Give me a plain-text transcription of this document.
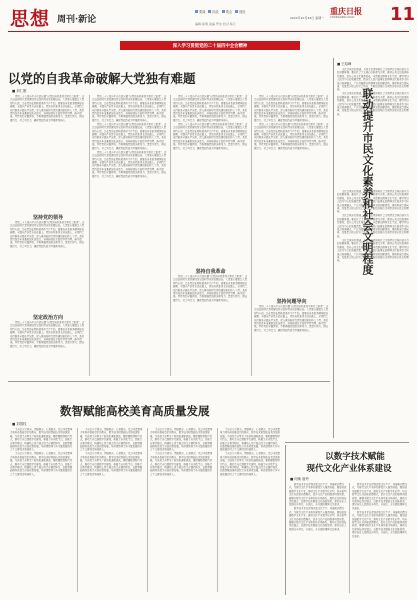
思想 周刊·新论
要闻 时政 观点 财经
2022年10月24日 星期一
编辑 崔明 美编 罗洁 校对 杨元
重庆日报
CHONGQING DAILY 11
深入学习贯彻党的二十届四中全会精神
以党的自我革命破解大党独有难题
■ 刘仁刚

党的二十大报告中首次提出要“以党的自我革命引领社会革命”，这是总结新时代党的建设历史经验得出的重要结论。大党独有难题是大党所特有的，是在党的长期执政条件下产生的，需要以自我革命精神加以破解。全面从严治党永远在路上，党的自我革命永远在路上，必须持之以恒推进全面从严治党，深入推进新时代党的建设新的伟大工程。我们党历经百年沧桑更加充满活力，其奥秘就在于始终坚持真理、修正错误。坚持党的全面领导，不断增强党的政治领导力、思想引领力、群众组织力、社会号召力，确保党始终成为坚强领导核心。

坚持党的领导

党的二十大报告中首次提出要“以党的自我革命引领社会革命”，这是总结新时代党的建设历史经验得出的重要结论。大党独有难题是大党所特有的，是在党的长期执政条件下产生的，需要以自我革命精神加以破解。全面从严治党永远在路上，党的自我革命永远在路上，必须持之以恒推进全面从严治党，深入推进新时代党的建设新的伟大工程。我们党历经百年沧桑更加充满活力，其奥秘就在于始终坚持真理、修正错误。坚持党的全面领导，不断增强党的政治领导力、思想引领力、群众组织力、社会号召力，确保党始终成为坚强领导核心。

坚定政治方向

党的二十大报告中首次提出要“以党的自我革命引领社会革命”，这是总结新时代党的建设历史经验得出的重要结论。大党独有难题是大党所特有的，是在党的长期执政条件下产生的，需要以自我革命精神加以破解。全面从严治党永远在路上，党的自我革命永远在路上，必须持之以恒推进全面从严治党，深入推进新时代党的建设新的伟大工程。我们党历经百年沧桑更加充满活力，其奥秘就在于始终坚持真理、修正错误。坚持党的全面领导，不断增强党的政治领导力、思想引领力、群众组织力、社会号召力，确保党始终成为坚强领导核心。

党的二十大报告中首次提出要“以党的自我革命引领社会革命”，这是总结新时代党的建设历史经验得出的重要结论。大党独有难题是大党所特有的，是在党的长期执政条件下产生的，需要以自我革命精神加以破解。全面从严治党永远在路上，党的自我革命永远在路上，必须持之以恒推进全面从严治党，深入推进新时代党的建设新的伟大工程。我们党历经百年沧桑更加充满活力，其奥秘就在于始终坚持真理、修正错误。坚持党的全面领导，不断增强党的政治领导力、思想引领力、群众组织力、社会号召力，确保党始终成为坚强领导核心。

党的二十大报告中首次提出要“以党的自我革命引领社会革命”，这是总结新时代党的建设历史经验得出的重要结论。大党独有难题是大党所特有的，是在党的长期执政条件下产生的，需要以自我革命精神加以破解。全面从严治党永远在路上，党的自我革命永远在路上，必须持之以恒推进全面从严治党，深入推进新时代党的建设新的伟大工程。我们党历经百年沧桑更加充满活力，其奥秘就在于始终坚持真理、修正错误。坚持党的全面领导，不断增强党的政治领导力、思想引领力、群众组织力、社会号召力，确保党始终成为坚强领导核心。

党的二十大报告中首次提出要“以党的自我革命引领社会革命”，这是总结新时代党的建设历史经验得出的重要结论。大党独有难题是大党所特有的，是在党的长期执政条件下产生的，需要以自我革命精神加以破解。全面从严治党永远在路上，党的自我革命永远在路上，必须持之以恒推进全面从严治党，深入推进新时代党的建设新的伟大工程。我们党历经百年沧桑更加充满活力，其奥秘就在于始终坚持真理、修正错误。坚持党的全面领导，不断增强党的政治领导力、思想引领力、群众组织力、社会号召力，确保党始终成为坚强领导核心。

党的二十大报告中首次提出要“以党的自我革命引领社会革命”，这是总结新时代党的建设历史经验得出的重要结论。大党独有难题是大党所特有的，是在党的长期执政条件下产生的，需要以自我革命精神加以破解。全面从严治党永远在路上，党的自我革命永远在路上，必须持之以恒推进全面从严治党，深入推进新时代党的建设新的伟大工程。我们党历经百年沧桑更加充满活力，其奥秘就在于始终坚持真理、修正错误。坚持党的全面领导，不断增强党的政治领导力、思想引领力、群众组织力、社会号召力，确保党始终成为坚强领导核心。

党的二十大报告中首次提出要“以党的自我革命引领社会革命”，这是总结新时代党的建设历史经验得出的重要结论。大党独有难题是大党所特有的，是在党的长期执政条件下产生的，需要以自我革命精神加以破解。全面从严治党永远在路上，党的自我革命永远在路上，必须持之以恒推进全面从严治党，深入推进新时代党的建设新的伟大工程。我们党历经百年沧桑更加充满活力，其奥秘就在于始终坚持真理、修正错误。坚持党的全面领导，不断增强党的政治领导力、思想引领力、群众组织力、社会号召力，确保党始终成为坚强领导核心。

坚持自我革命

党的二十大报告中首次提出要“以党的自我革命引领社会革命”，这是总结新时代党的建设历史经验得出的重要结论。大党独有难题是大党所特有的，是在党的长期执政条件下产生的，需要以自我革命精神加以破解。全面从严治党永远在路上，党的自我革命永远在路上，必须持之以恒推进全面从严治党，深入推进新时代党的建设新的伟大工程。我们党历经百年沧桑更加充满活力，其奥秘就在于始终坚持真理、修正错误。坚持党的全面领导，不断增强党的政治领导力、思想引领力、群众组织力、社会号召力，确保党始终成为坚强领导核心。

党的二十大报告中首次提出要“以党的自我革命引领社会革命”，这是总结新时代党的建设历史经验得出的重要结论。大党独有难题是大党所特有的，是在党的长期执政条件下产生的，需要以自我革命精神加以破解。全面从严治党永远在路上，党的自我革命永远在路上，必须持之以恒推进全面从严治党，深入推进新时代党的建设新的伟大工程。我们党历经百年沧桑更加充满活力，其奥秘就在于始终坚持真理、修正错误。坚持党的全面领导，不断增强党的政治领导力、思想引领力、群众组织力、社会号召力，确保党始终成为坚强领导核心。

党的二十大报告中首次提出要“以党的自我革命引领社会革命”，这是总结新时代党的建设历史经验得出的重要结论。大党独有难题是大党所特有的，是在党的长期执政条件下产生的，需要以自我革命精神加以破解。全面从严治党永远在路上，党的自我革命永远在路上，必须持之以恒推进全面从严治党，深入推进新时代党的建设新的伟大工程。我们党历经百年沧桑更加充满活力，其奥秘就在于始终坚持真理、修正错误。坚持党的全面领导，不断增强党的政治领导力、思想引领力、群众组织力、社会号召力，确保党始终成为坚强领导核心。

坚持问题导向

党的二十大报告中首次提出要“以党的自我革命引领社会革命”，这是总结新时代党的建设历史经验得出的重要结论。大党独有难题是大党所特有的，是在党的长期执政条件下产生的，需要以自我革命精神加以破解。全面从严治党永远在路上，党的自我革命永远在路上，必须持之以恒推进全面从严治党，深入推进新时代党的建设新的伟大工程。我们党历经百年沧桑更加充满活力，其奥秘就在于始终坚持真理、修正错误。坚持党的全面领导，不断增强党的政治领导力、思想引领力、群众组织力、社会号召力，确保党始终成为坚强领导核心。

■ 王绍峰

文化是城市的灵魂，市民文化素养和社会文明程度是城市软实力的重要体现。要以社会主义核心价值观为引领，推动公共文化服务体系建设，提升公共文化服务效能，丰富群众精神文化生活。要坚持以人民为中心的发展思想，把满足人民日益增长的精神文化需求作为出发点和落脚点，广泛开展群众性精神文明创建活动，推动形成崇德向善、见贤思齐的良好社会风尚，不断提高城市文明程度和市民文明素质。

文化是城市的灵魂，市民文化素养和社会文明程度是城市软实力的重要体现。要以社会主义核心价值观为引领，推动公共文化服务体系建设，提升公共文化服务效能，丰富群众精神文化生活。要坚持以人民为中心的发展思想，把满足人民日益增长的精神文化需求作为出发点和落脚点，广泛开展群众性精神文明创建活动，推动形成崇德向善、见贤思齐的良好社会风尚，不断提高城市文明程度和市民文明素质。	联动提升市民文化素养和社会文明程度

文化是城市的灵魂，市民文化素养和社会文明程度是城市软实力的重要体现。要以社会主义核心价值观为引领，推动公共文化服务体系建设，提升公共文化服务效能，丰富群众精神文化生活。要坚持以人民为中心的发展思想，把满足人民日益增长的精神文化需求作为出发点和落脚点，广泛开展群众性精神文明创建活动，推动形成崇德向善、见贤思齐的良好社会风尚，不断提高城市文明程度和市民文明素质。

文化是城市的灵魂，市民文化素养和社会文明程度是城市软实力的重要体现。要以社会主义核心价值观为引领，推动公共文化服务体系建设，提升公共文化服务效能，丰富群众精神文化生活。要坚持以人民为中心的发展思想，把满足人民日益增长的精神文化需求作为出发点和落脚点，广泛开展群众性精神文明创建活动，推动形成崇德向善、见贤思齐的良好社会风尚，不断提高城市文明程度和市民文明素质。

文化是城市的灵魂，市民文化素养和社会文明程度是城市软实力的重要体现。要以社会主义核心价值观为引领，推动公共文化服务体系建设，提升公共文化服务效能，丰富群众精神文化生活。要坚持以人民为中心的发展思想，把满足人民日益增长的精神文化需求作为出发点和落脚点，广泛开展群众性精神文明创建活动，推动形成崇德向善、见贤思齐的良好社会风尚，不断提高城市文明程度和市民文明素质。

数智赋能高校美育高质量发展
■ 刘国权

美育是审美教育、情操教育、心灵教育，也是丰富想象力和培养创新意识的教育。数字技术和智能技术的快速发展，为高校美育带来了新的机遇和挑战。要把握数智时代特点，推动美育资源数字化建设，拓展美育实践平台，创新美育教学模式，构建线上线下融合的美育课程体系，以数智赋能推动高校美育高质量发展，培养德智体美劳全面发展的社会主义建设者和接班人。

美育是审美教育、情操教育、心灵教育，也是丰富想象力和培养创新意识的教育。数字技术和智能技术的快速发展，为高校美育带来了新的机遇和挑战。要把握数智时代特点，推动美育资源数字化建设，拓展美育实践平台，创新美育教学模式，构建线上线下融合的美育课程体系，以数智赋能推动高校美育高质量发展，培养德智体美劳全面发展的社会主义建设者和接班人。

美育是审美教育、情操教育、心灵教育，也是丰富想象力和培养创新意识的教育。数字技术和智能技术的快速发展，为高校美育带来了新的机遇和挑战。要把握数智时代特点，推动美育资源数字化建设，拓展美育实践平台，创新美育教学模式，构建线上线下融合的美育课程体系，以数智赋能推动高校美育高质量发展，培养德智体美劳全面发展的社会主义建设者和接班人。

美育是审美教育、情操教育、心灵教育，也是丰富想象力和培养创新意识的教育。数字技术和智能技术的快速发展，为高校美育带来了新的机遇和挑战。要把握数智时代特点，推动美育资源数字化建设，拓展美育实践平台，创新美育教学模式，构建线上线下融合的美育课程体系，以数智赋能推动高校美育高质量发展，培养德智体美劳全面发展的社会主义建设者和接班人。

美育是审美教育、情操教育、心灵教育，也是丰富想象力和培养创新意识的教育。数字技术和智能技术的快速发展，为高校美育带来了新的机遇和挑战。要把握数智时代特点，推动美育资源数字化建设，拓展美育实践平台，创新美育教学模式，构建线上线下融合的美育课程体系，以数智赋能推动高校美育高质量发展，培养德智体美劳全面发展的社会主义建设者和接班人。

美育是审美教育、情操教育、心灵教育，也是丰富想象力和培养创新意识的教育。数字技术和智能技术的快速发展，为高校美育带来了新的机遇和挑战。要把握数智时代特点，推动美育资源数字化建设，拓展美育实践平台，创新美育教学模式，构建线上线下融合的美育课程体系，以数智赋能推动高校美育高质量发展，培养德智体美劳全面发展的社会主义建设者和接班人。

美育是审美教育、情操教育、心灵教育，也是丰富想象力和培养创新意识的教育。数字技术和智能技术的快速发展，为高校美育带来了新的机遇和挑战。要把握数智时代特点，推动美育资源数字化建设，拓展美育实践平台，创新美育教学模式，构建线上线下融合的美育课程体系，以数智赋能推动高校美育高质量发展，培养德智体美劳全面发展的社会主义建设者和接班人。

美育是审美教育、情操教育、心灵教育，也是丰富想象力和培养创新意识的教育。数字技术和智能技术的快速发展，为高校美育带来了新的机遇和挑战。要把握数智时代特点，推动美育资源数字化建设，拓展美育实践平台，创新美育教学模式，构建线上线下融合的美育课程体系，以数智赋能推动高校美育高质量发展，培养德智体美劳全面发展的社会主义建设者和接班人。

以数字技术赋能
现代文化产业体系建设
■ 何焕 唐玲

数字技术正在深刻改变文化生产、传播和消费方式，为现代文化产业体系建设注入强劲动能。要加快发展数字文化产业，推动文化产业数字化转型，培育新型文化业态和消费模式，提升文化产品和服务供给质量。要健全现代文化产业体系和市场体系，推动文化和科技深度融合，以数字技术赋能文化创新创造，更好满足人民群众多样化、多层次、多方面的精神文化需求。

数字技术正在深刻改变文化生产、传播和消费方式，为现代文化产业体系建设注入强劲动能。要加快发展数字文化产业，推动文化产业数字化转型，培育新型文化业态和消费模式，提升文化产品和服务供给质量。要健全现代文化产业体系和市场体系，推动文化和科技深度融合，以数字技术赋能文化创新创造，更好满足人民群众多样化、多层次、多方面的精神文化需求。

数字技术正在深刻改变文化生产、传播和消费方式，为现代文化产业体系建设注入强劲动能。要加快发展数字文化产业，推动文化产业数字化转型，培育新型文化业态和消费模式，提升文化产品和服务供给质量。要健全现代文化产业体系和市场体系，推动文化和科技深度融合，以数字技术赋能文化创新创造，更好满足人民群众多样化、多层次、多方面的精神文化需求。

数字技术正在深刻改变文化生产、传播和消费方式，为现代文化产业体系建设注入强劲动能。要加快发展数字文化产业，推动文化产业数字化转型，培育新型文化业态和消费模式，提升文化产品和服务供给质量。要健全现代文化产业体系和市场体系，推动文化和科技深度融合，以数字技术赋能文化创新创造，更好满足人民群众多样化、多层次、多方面的精神文化需求。
